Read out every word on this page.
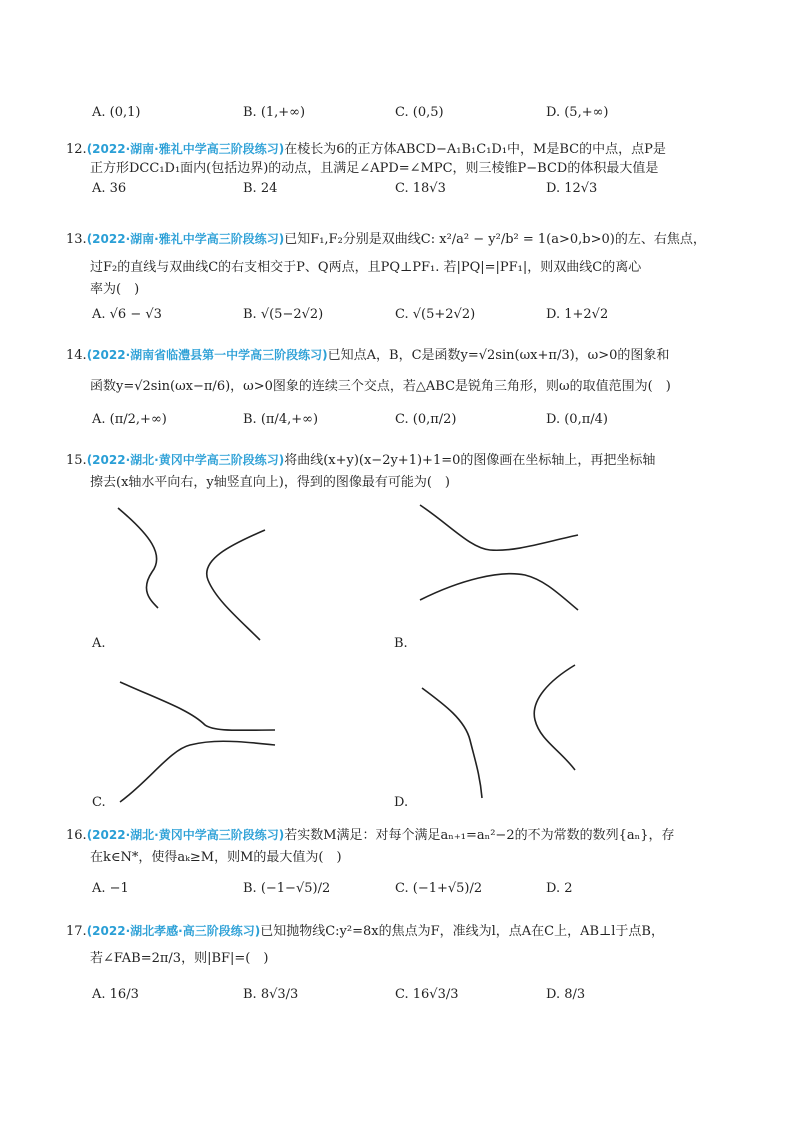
A. (0,1)	B. (1,+∞)	C. (0,5)	D. (5,+∞)
12.(2022·湖南·雅礼中学高三阶段练习)在棱长为6的正方体ABCD−A₁B₁C₁D₁中，M是BC的中点，点P是
正方形DCC₁D₁面内(包括边界)的动点，且满足∠APD=∠MPC，则三棱锥P−BCD的体积最大值是
A. 36	B. 24	C. 18√3	D. 12√3
13.(2022·湖南·雅礼中学高三阶段练习)已知F₁,F₂分别是双曲线C: x²/a² − y²/b² = 1(a>0,b>0)的左、右焦点，
过F₂的直线与双曲线C的右支相交于P、Q两点，且PQ⊥PF₁. 若|PQ|=|PF₁|，则双曲线C的离心
率为(　)
A. √6 − √3	B. √(5−2√2)	C. √(5+2√2)	D. 1+2√2
14.(2022·湖南省临澧县第一中学高三阶段练习)已知点A，B，C是函数y=√2sin(ωx+π/3)，ω>0的图象和
函数y=√2sin(ωx−π/6)，ω>0图象的连续三个交点，若△ABC是锐角三角形，则ω的取值范围为(　)
A. (π/2,+∞)	B. (π/4,+∞)	C. (0,π/2)	D. (0,π/4)
15.(2022·湖北·黄冈中学高三阶段练习)将曲线(x+y)(x−2y+1)+1=0的图像画在坐标轴上，再把坐标轴
擦去(x轴水平向右，y轴竖直向上)，得到的图像最有可能为(　)
A.	B.
C.	D.
16.(2022·湖北·黄冈中学高三阶段练习)若实数M满足：对每个满足aₙ₊₁=aₙ²−2的不为常数的数列{aₙ}，存
在k∈N*，使得aₖ≥M，则M的最大值为(　)
A. −1	B. (−1−√5)/2	C. (−1+√5)/2	D. 2
17.(2022·湖北孝感·高三阶段练习)已知抛物线C:y²=8x的焦点为F，准线为l，点A在C上，AB⊥l于点B，
若∠FAB=2π/3，则|BF|=(　)
A. 16/3	B. 8√3/3	C. 16√3/3	D. 8/3
